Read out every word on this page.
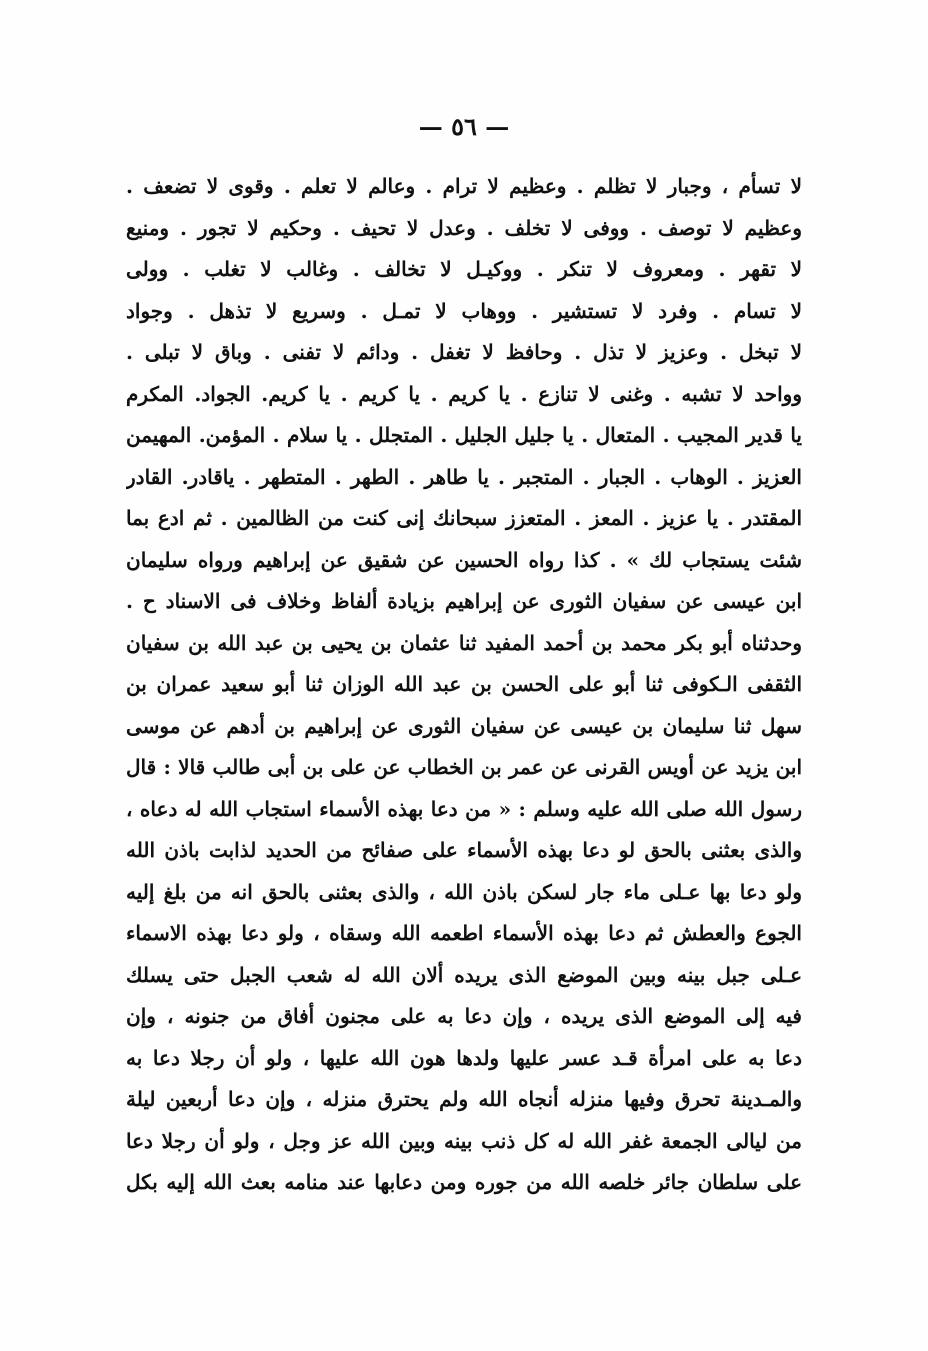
— ٥٦ —
لا تسأم ، وجبار لا تظلم . وعظيم لا ترام . وعالم لا تعلم . وقوى لا تضعف .
وعظيم لا توصف . ووفى لا تخلف . وعدل لا تحيف . وحكيم لا تجور . ومنيع
لا تقهر . ومعروف لا تنكر . ووكيـل لا تخالف . وغالب لا تغلب . وولى
لا تسام . وفرد لا تستشير . ووهاب لا تمـل . وسريع لا تذهل . وجواد
لا تبخل . وعزيز لا تذل . وحافظ لا تغفل . ودائم لا تفنى . وباق لا تبلى .
وواحد لا تشبه . وغنى لا تنازع . يا كريم . يا كريم . يا كريم. الجواد. المكرم
يا قدير المجيب . المتعال . يا جليل الجليل . المتجلل . يا سلام . المؤمن. المهيمن
العزيز . الوهاب . الجبار . المتجبر . يا طاهر . الطهر . المتطهر . ياقادر. القادر
المقتدر . يا عزيز . المعز . المتعزز سبحانك إنى كنت من الظالمين . ثم ادع بما
شئت يستجاب لك » . كذا رواه الحسين عن شقيق عن إبراهيم ورواه سليمان
ابن عيسى عن سفيان الثورى عن إبراهيم بزيادة ألفاظ وخلاف فى الاسناد ح .
وحدثناه أبو بكر محمد بن أحمد المفيد ثنا عثمان بن يحيى بن عبد الله بن سفيان
الثقفى الـكوفى ثنا أبو على الحسن بن عبد الله الوزان ثنا أبو سعيد عمران بن
سهل ثنا سليمان بن عيسى عن سفيان الثورى عن إبراهيم بن أدهم عن موسى
ابن يزيد عن أويس القرنى عن عمر بن الخطاب عن على بن أبى طالب قالا : قال
رسول الله صلى الله عليه وسلم : « من دعا بهذه الأسماء استجاب الله له دعاه ،
والذى بعثنى بالحق لو دعا بهذه الأسماء على صفائح من الحديد لذابت باذن الله
ولو دعا بها عـلى ماء جار لسكن باذن الله ، والذى بعثنى بالحق انه من بلغ إليه
الجوع والعطش ثم دعا بهذه الأسماء اطعمه الله وسقاه ، ولو دعا بهذه الاسماء
عـلى جبل بينه وبين الموضع الذى يريده ألان الله له شعب الجبل حتى يسلك
فيه إلى الموضع الذى يريده ، وإن دعا به على مجنون أفاق من جنونه ، وإن
دعا به على امرأة قـد عسر عليها ولدها هون الله عليها ، ولو أن رجلا دعا به
والمـدينة تحرق وفيها منزله أنجاه الله ولم يحترق منزله ، وإن دعا أربعين ليلة
من ليالى الجمعة غفر الله له كل ذنب بينه وبين الله عز وجل ، ولو أن رجلا دعا
على سلطان جائر خلصه الله من جوره ومن دعابها عند منامه بعث الله إليه بكل
